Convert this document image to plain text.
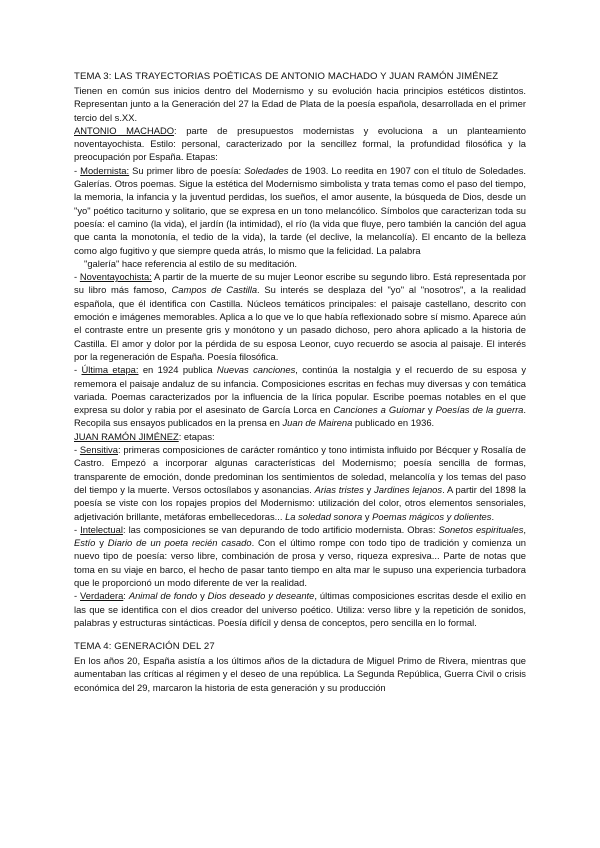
TEMA 3: LAS TRAYECTORIAS POÉTICAS DE ANTONIO MACHADO Y JUAN RAMÓN JIMÉNEZ

Tienen en común sus inicios dentro del Modernismo y su evolución hacia principios estéticos distintos. Representan junto a la Generación del 27 la Edad de Plata de la poesía española, desarrollada en el primer tercio del s.XX.

ANTONIO MACHADO: parte de presupuestos modernistas y evoluciona a un planteamiento noventayochista. Estilo: personal, caracterizado por la sencillez formal, la profundidad filosófica y la preocupación por España. Etapas:

- Modernista: Su primer libro de poesía: Soledades de 1903. Lo reedita en 1907 con el título de Soledades. Galerías. Otros poemas. Sigue la estética del Modernismo simbolista y trata temas como el paso del tiempo, la memoria, la infancia y la juventud perdidas, los sueños, el amor ausente, la búsqueda de Dios, desde un "yo" poético taciturno y solitario, que se expresa en un tono melancólico. Símbolos que caracterizan toda su poesía: el camino (la vida), el jardín (la intimidad), el río (la vida que fluye, pero también la canción del agua que canta la monotonía, el tedio de la vida), la tarde (el declive, la melancolía). El encanto de la belleza como algo fugitivo y que siempre queda atrás, lo mismo que la felicidad. La palabra
"galería" hace referencia al estilo de su meditación.

- Noventayochista: A partir de la muerte de su mujer Leonor escribe su segundo libro. Está representada por su libro más famoso, Campos de Castilla. Su interés se desplaza del "yo" al "nosotros", a la realidad española, que él identifica con Castilla. Núcleos temáticos principales: el paisaje castellano, descrito con emoción e imágenes memorables. Aplica a lo que ve lo que había reflexionado sobre sí mismo. Aparece aún el contraste entre un presente gris y monótono y un pasado dichoso, pero ahora aplicado a la historia de Castilla. El amor y dolor por la pérdida de su esposa Leonor, cuyo recuerdo se asocia al paisaje. El interés por la regeneración de España. Poesía filosófica.

- Última etapa: en 1924 publica Nuevas canciones, continúa la nostalgia y el recuerdo de su esposa y rememora el paisaje andaluz de su infancia. Composiciones escritas en fechas muy diversas y con temática variada. Poemas caracterizados por la influencia de la lírica popular. Escribe poemas notables en el que expresa su dolor y rabia por el asesinato de García Lorca en Canciones a Guiomar y Poesías de la guerra. Recopila sus ensayos publicados en la prensa en Juan de Mairena publicado en 1936.

JUAN RAMÓN JIMÉNEZ: etapas:

- Sensitiva: primeras composiciones de carácter romántico y tono intimista influido por Bécquer y Rosalía de Castro. Empezó a incorporar algunas características del Modernismo; poesía sencilla de formas, transparente de emoción, donde predominan los sentimientos de soledad, melancolía y los temas del paso del tiempo y la muerte. Versos octosílabos y asonancias. Arias tristes y Jardines lejanos. A partir del 1898 la poesía se viste con los ropajes propios del Modernismo: utilización del color, otros elementos sensoriales, adjetivación brillante, metáforas embellecedoras... La soledad sonora y Poemas mágicos y dolientes.

- Intelectual: las composiciones se van depurando de todo artificio modernista. Obras: Sonetos espirituales, Estío y Diario de un poeta recién casado. Con el último rompe con todo tipo de tradición y comienza un nuevo tipo de poesía: verso libre, combinación de prosa y verso, riqueza expresiva... Parte de notas que toma en su viaje en barco, el hecho de pasar tanto tiempo en alta mar le supuso una experiencia turbadora que le proporcionó un modo diferente de ver la realidad.

- Verdadera: Animal de fondo y Dios deseado y deseante, últimas composiciones escritas desde el exilio en las que se identifica con el dios creador del universo poético. Utiliza: verso libre y la repetición de sonidos, palabras y estructuras sintácticas. Poesía difícil y densa de conceptos, pero sencilla en lo formal.

TEMA 4: GENERACIÓN DEL 27

En los años 20, España asistía a los últimos años de la dictadura de Miguel Primo de Rivera, mientras que aumentaban las críticas al régimen y el deseo de una república. La Segunda República, Guerra Civil o crisis económica del 29, marcaron la historia de esta generación y su producción
